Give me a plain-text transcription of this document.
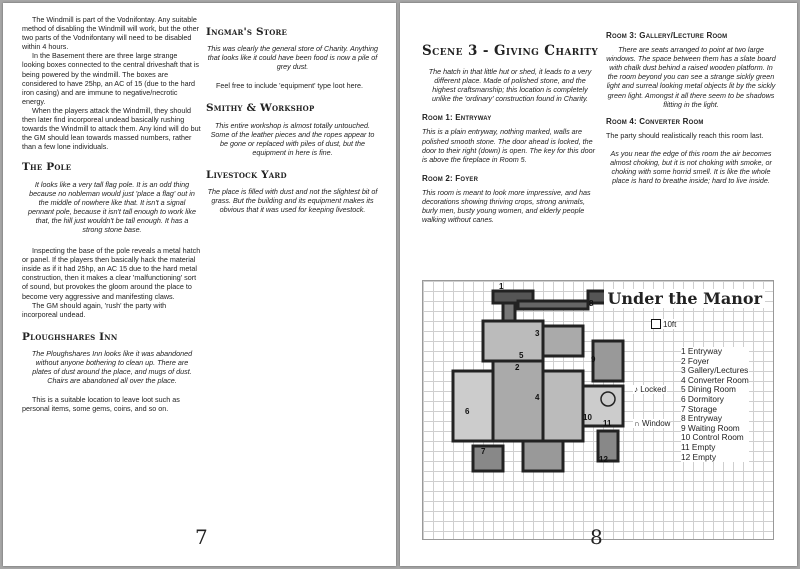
The Windmill is part of the Vodnifontay. Any suitable method of disabling the Windmill will work, but the other two parts of the Vodnifontany will need to be disabled within 4 hours.

In the Basement there are three large strange looking boxes connected to the central driveshaft that is being powered by the windmill. The boxes are considered to have 25hp, an AC of 15 (due to the hard iron casing) and are immune to negative/necrotic energy.

When the players attack the Windmill, they should then later find incorporeal undead basically rushing towards the Windmill to attack them. Any kind will do but the GM should lean towards massed numbers, rather than a few lone individuals.

The Pole

It looks like a very tall flag pole. It is an odd thing because no nobleman would just 'place a flag' out in the middle of nowhere like that. It isn't a signal pennant pole, because it isn't tall enough to work like that, the hill just wouldn't be tall enough. It has a strong stone base.

Inspecting the base of the pole reveals a metal hatch or panel. If the players then basically hack the material inside as if it had 25hp, an AC 15 due to the hard metal construction, then it makes a clear 'malfunctioning' sort of sound, but provokes the gloom around the place to become very aggressive and manifesting claws.

The GM should again, 'rush' the party with incorporeal undead.

Ploughshares Inn

The Ploughshares Inn looks like it was abandoned without anyone bothering to clean up. There are plates of dust around the place, and mugs of dust. Chairs are abandoned all over the place.

This is a suitable location to leave loot such as personal items, some gems, coins, and so on.

Ingmar's Store

This was clearly the general store of Charity. Anything that looks like it could have been food is now a pile of grey dust.

Feel free to include 'equipment' type loot here.

Smithy & Workshop

This entire workshop is almost totally untouched. Some of the leather pieces and the ropes appear to be gone or replaced with piles of dust, but the equipment in here is fine.

Livestock Yard

The place is filled with dust and not the slightest bit of grass. But the building and its equipment makes its obvious that it was used for keeping livestock.

7
Scene 3 - Giving Charity

The hatch in that little hut or shed, it leads to a very different place. Made of polished stone, and the highest craftsmanship; this location is completely unlike the 'ordinary' construction found in Charity.

Room 1: Entryway

This is a plain entryway, nothing marked, walls are polished smooth stone. The door ahead is locked, the door to their right (down) is open. The key for this door is above the fireplace in Room 5.

Room 2: Foyer

This room is meant to look more impressive, and has decorations showing thriving crops, strong animals, burly men, busty young women, and elderly people walking without canes.

Room 3: Gallery/Lecture Room

There are seats arranged to point at two large windows. The space between them has a slate board with chalk dust behind a raised wooden platform. In the room beyond you can see a strange sickly green light and surreal looking metal objects lit by the sickly green light. Amongst it all there seem to be shadows flitting in the light.

Room 4: Converter Room

The party should realistically reach this room last.

As you near the edge of this room the air becomes almost choking, but it is not choking with smoke, or choking with some horrid smell. It is like the whole place is hard to breathe inside; hard to live inside.

1
2
3
4
5
6
7
8
9
10
11
12
Under the Manor
10ft
♪ Locked
∩ Window
1 Entryway
2 Foyer
3 Gallery/Lectures
4 Converter Room
5 Dining Room
6 Dormitory
7 Storage
8 Entryway
9 Waiting Room
10 Control Room
11 Empty
12 Empty
8
